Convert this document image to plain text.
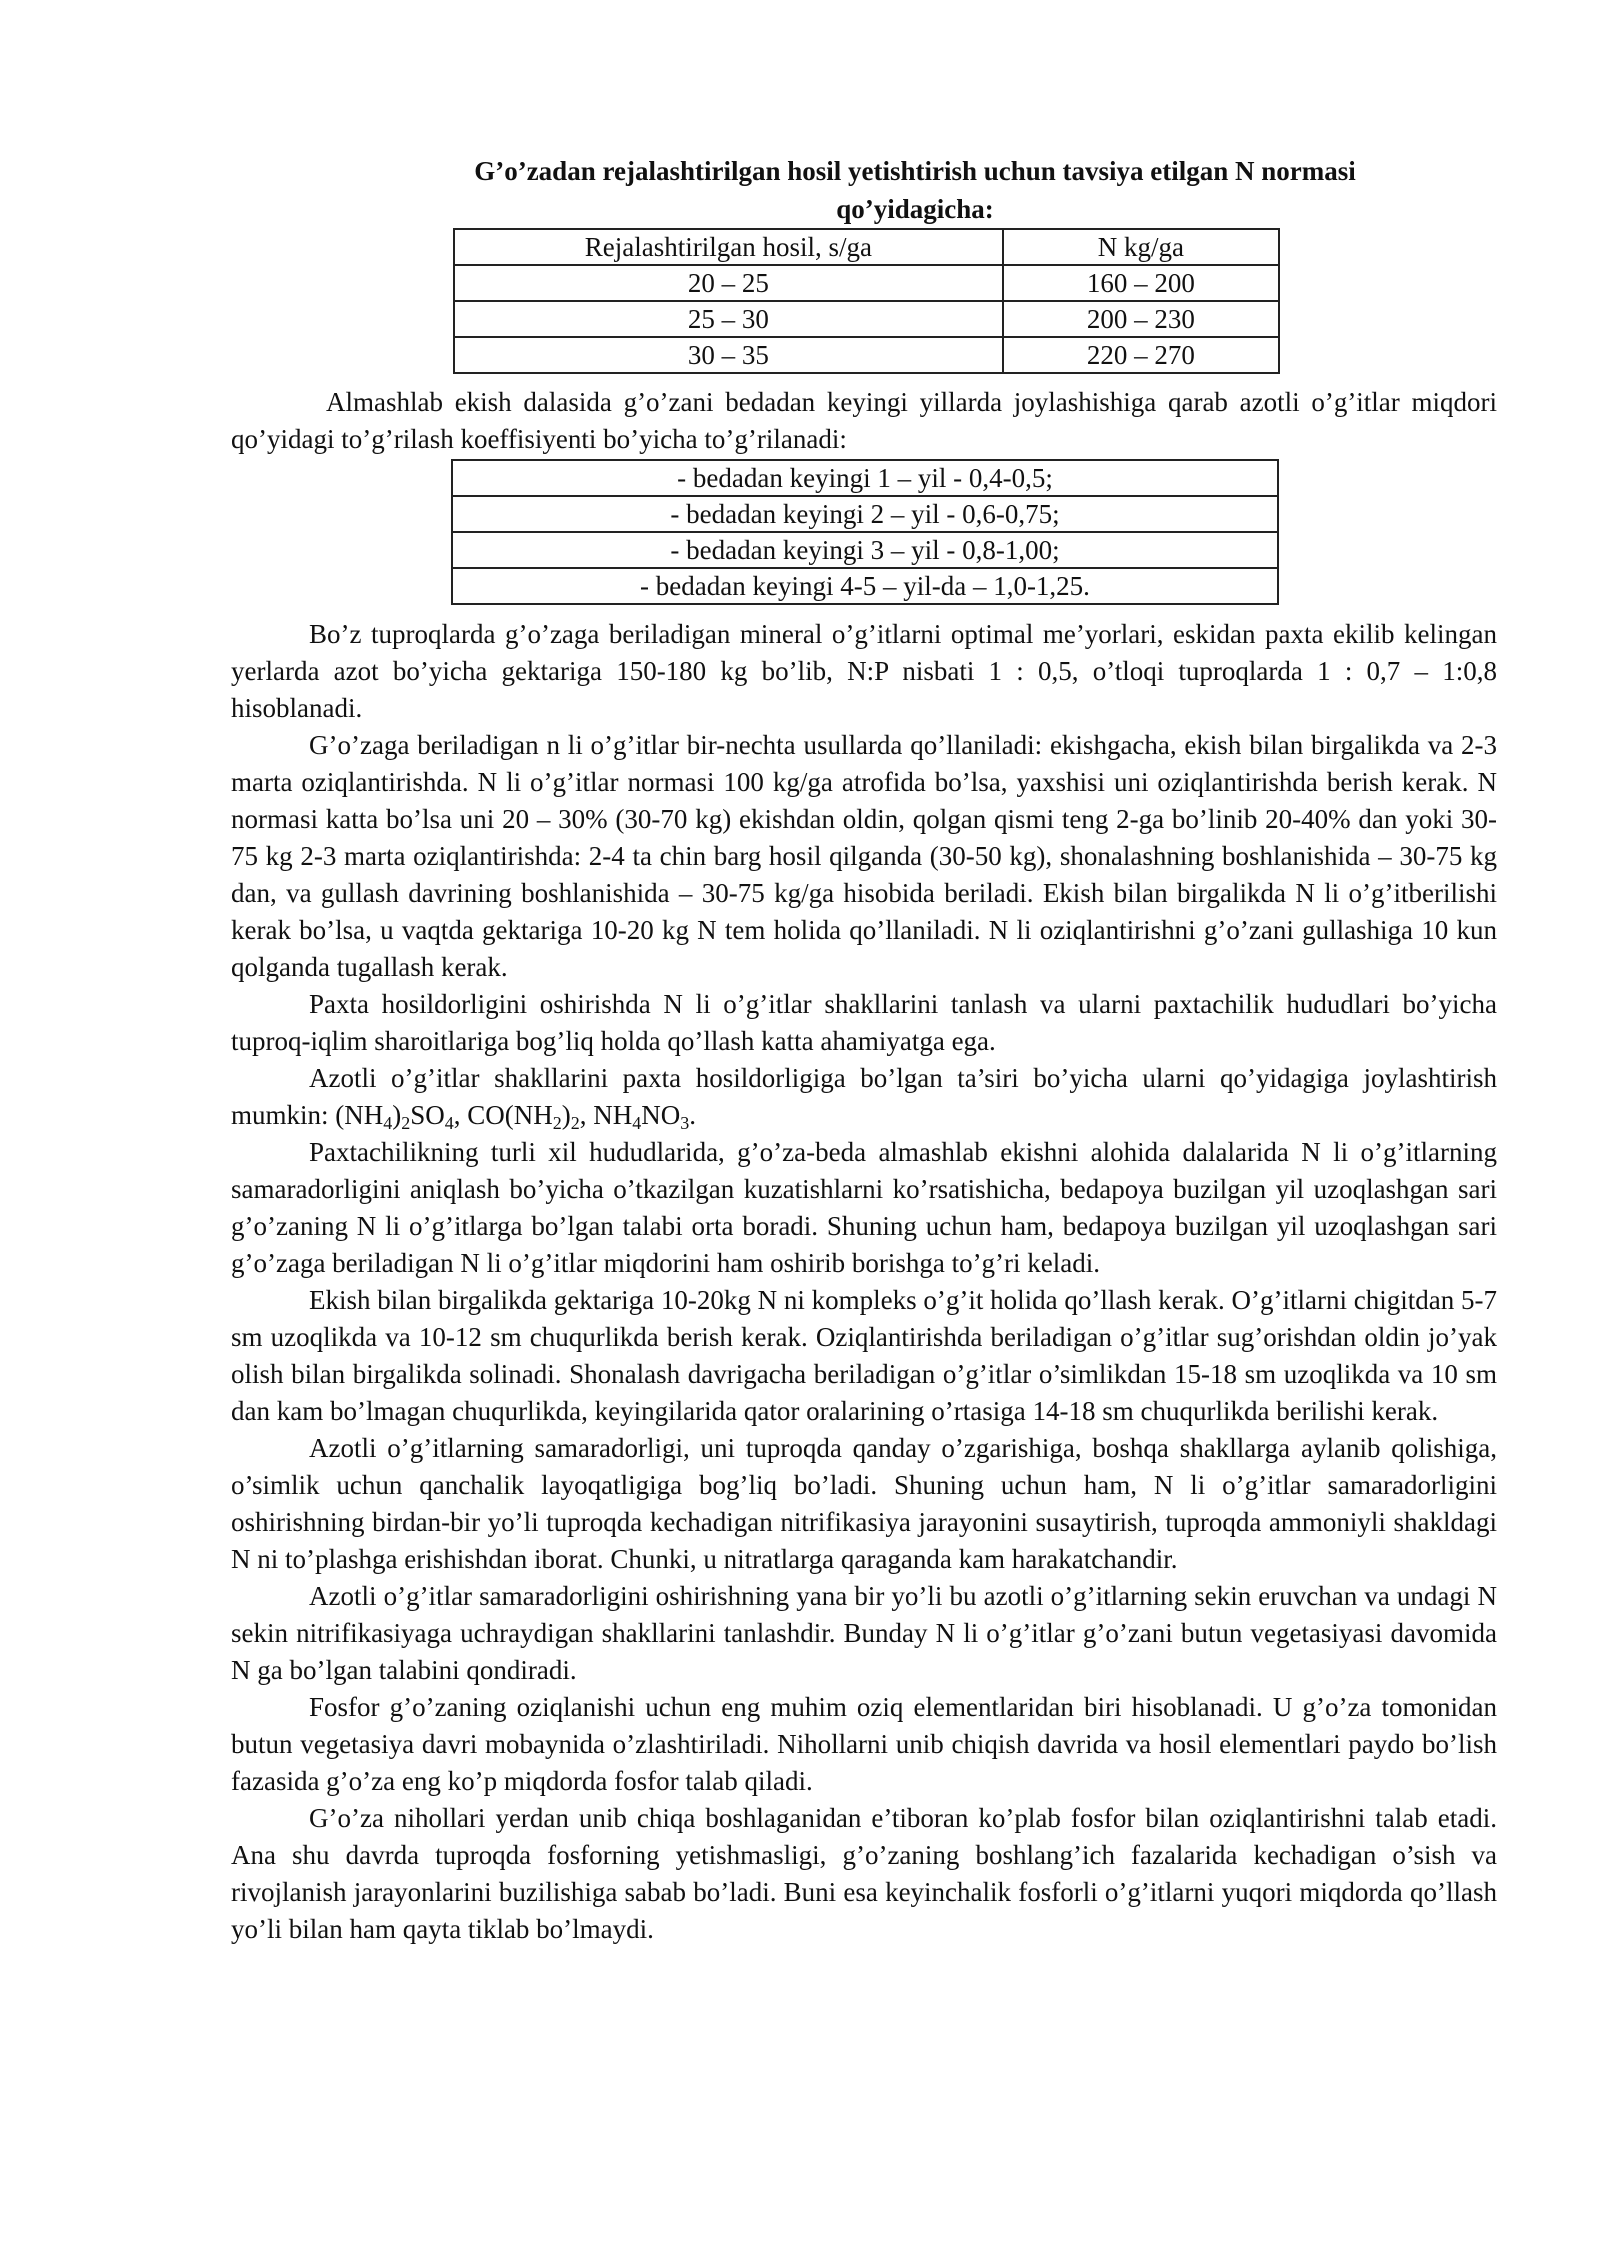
G’o’zadan rejalashtirilgan hosil yetishtirish uchun tavsiya etilgan N normasi
qo’yidagicha:
Rejalashtirilgan hosil, s/ga	N kg/ga
20 – 25	160 – 200
25 – 30	200 – 230
30 – 35	220 – 270

Almashlab ekish dalasida g’o’zani bedadan keyingi yillarda joylashishiga qarab azotli o’g’itlar miqdori qo’yidagi to’g’rilash koeffisiyenti bo’yicha to’g’rilanadi:

- bedadan keyingi 1 – yil - 0,4-0,5;
- bedadan keyingi 2 – yil - 0,6-0,75;
- bedadan keyingi 3 – yil - 0,8-1,00;
- bedadan keyingi 4-5 – yil-da – 1,0-1,25.

Bo’z tuproqlarda g’o’zaga beriladigan mineral o’g’itlarni optimal me’yorlari, eskidan paxta ekilib kelingan yerlarda azot bo’yicha gektariga 150-180 kg bo’lib, N:P nisbati 1 : 0,5, o’tloqi tuproqlarda 1 : 0,7 – 1:0,8 hisoblanadi.

G’o’zaga beriladigan n li o’g’itlar bir-nechta usullarda qo’llaniladi: ekishgacha, ekish bilan birgalikda va 2-3 marta oziqlantirishda. N li o’g’itlar normasi 100 kg/ga atrofida bo’lsa, yaxshisi uni oziqlantirishda berish kerak. N normasi katta bo’lsa uni 20 – 30% (30-70 kg) ekishdan oldin, qolgan qismi teng 2-ga bo’linib 20-40% dan yoki 30-75 kg 2-3 marta oziqlantirishda: 2-4 ta chin barg hosil qilganda (30-50 kg), shonalashning boshlanishida – 30-75 kg dan, va gullash davrining boshlanishida – 30-75 kg/ga hisobida beriladi. Ekish bilan birgalikda N li o’g’itberilishi kerak bo’lsa, u vaqtda gektariga 10-20 kg N tem holida qo’llaniladi. N li oziqlantirishni g’o’zani gullashiga 10 kun qolganda tugallash kerak.

Paxta hosildorligini oshirishda N li o’g’itlar shakllarini tanlash va ularni paxtachilik hududlari bo’yicha tuproq-iqlim sharoitlariga bog’liq holda qo’llash katta ahamiyatga ega.

Azotli o’g’itlar shakllarini paxta hosildorligiga bo’lgan ta’siri bo’yicha ularni qo’yidagiga joylashtirish mumkin: $(NH_4)_2SO_4$, $CO(NH_2)_2$, $NH_4NO_3$.

Paxtachilikning turli xil hududlarida, g’o’za-beda almashlab ekishni alohida dalalarida N li o’g’itlarning samaradorligini aniqlash bo’yicha o’tkazilgan kuzatishlarni ko’rsatishicha, bedapoya buzilgan yil uzoqlashgan sari g’o’zaning N li o’g’itlarga bo’lgan talabi orta boradi. Shuning uchun ham, bedapoya buzilgan yil uzoqlashgan sari g’o’zaga beriladigan N li o’g’itlar miqdorini ham oshirib borishga to’g’ri keladi.

Ekish bilan birgalikda gektariga 10-20kg N ni kompleks o’g’it holida qo’llash kerak. O’g’itlarni chigitdan 5-7 sm uzoqlikda va 10-12 sm chuqurlikda berish kerak. Oziqlantirishda beriladigan o’g’itlar sug’orishdan oldin jo’yak olish bilan birgalikda solinadi. Shonalash davrigacha beriladigan o’g’itlar o’simlikdan 15-18 sm uzoqlikda va 10 sm dan kam bo’lmagan chuqurlikda, keyingilarida qator oralarining o’rtasiga 14-18 sm chuqurlikda berilishi kerak.

Azotli o’g’itlarning samaradorligi, uni tuproqda qanday o’zgarishiga, boshqa shakllarga aylanib qolishiga, o’simlik uchun qanchalik layoqatligiga bog’liq bo’ladi. Shuning uchun ham, N li o’g’itlar samaradorligini oshirishning birdan-bir yo’li tuproqda kechadigan nitrifikasiya jarayonini susaytirish, tuproqda ammoniyli shakldagi N ni to’plashga erishishdan iborat. Chunki, u nitratlarga qaraganda kam harakatchandir.

Azotli o’g’itlar samaradorligini oshirishning yana bir yo’li bu azotli o’g’itlarning sekin eruvchan va undagi N sekin nitrifikasiyaga uchraydigan shakllarini tanlashdir. Bunday N li o’g’itlar g’o’zani butun vegetasiyasi davomida N ga bo’lgan talabini qondiradi.

Fosfor g’o’zaning oziqlanishi uchun eng muhim oziq elementlaridan biri hisoblanadi. U g’o’za tomonidan butun vegetasiya davri mobaynida o’zlashtiriladi. Nihollarni unib chiqish davrida va hosil elementlari paydo bo’lish fazasida g’o’za eng ko’p miqdorda fosfor talab qiladi.

G’o’za nihollari yerdan unib chiqa boshlaganidan e’tiboran ko’plab fosfor bilan oziqlantirishni talab etadi. Ana shu davrda tuproqda fosforning yetishmasligi, g’o’zaning boshlang’ich fazalarida kechadigan o’sish va rivojlanish jarayonlarini buzilishiga sabab bo’ladi. Buni esa keyinchalik fosforli o’g’itlarni yuqori miqdorda qo’llash yo’li bilan ham qayta tiklab bo’lmaydi.
